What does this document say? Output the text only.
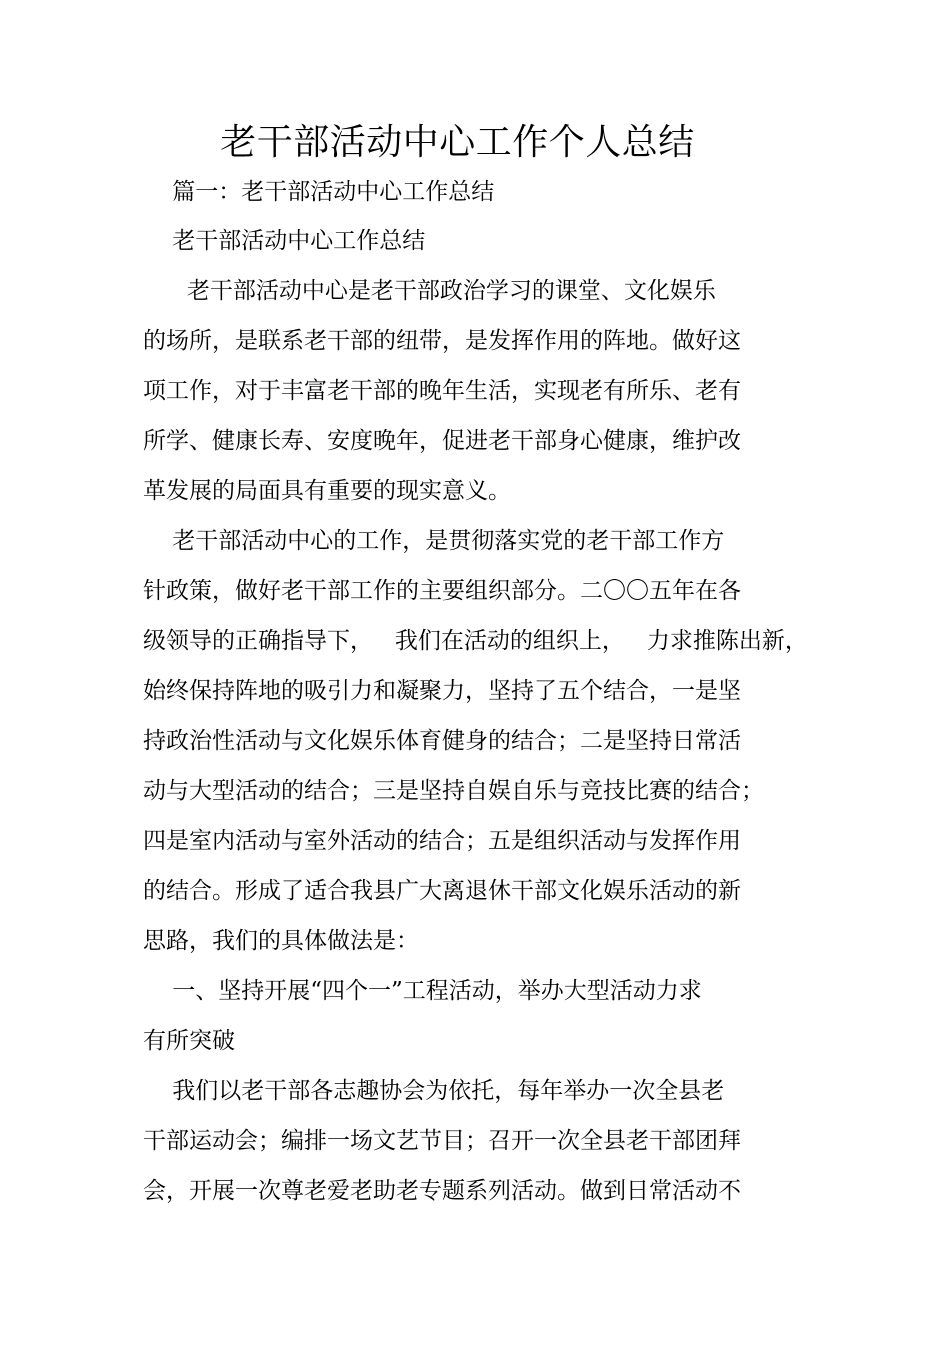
老干部活动中心工作个人总结
篇一：老干部活动中心工作总结
老干部活动中心工作总结
老干部活动中心是老干部政治学习的课堂、文化娱乐
的场所，是联系老干部的纽带，是发挥作用的阵地。做好这
项工作，对于丰富老干部的晚年生活，实现老有所乐、老有
所学、健康长寿、安度晚年，促进老干部身心健康，维护改
革发展的局面具有重要的现实意义。
老干部活动中心的工作，是贯彻落实党的老干部工作方
针政策，做好老干部工作的主要组织部分。二〇〇五年在各
级领导的正确指导下，   我们在活动的组织上，   力求推陈出新，
始终保持阵地的吸引力和凝聚力，坚持了五个结合，一是坚
持政治性活动与文化娱乐体育健身的结合；二是坚持日常活
动与大型活动的结合；三是坚持自娱自乐与竞技比赛的结合；
四是室内活动与室外活动的结合；五是组织活动与发挥作用
的结合。形成了适合我县广大离退休干部文化娱乐活动的新
思路，我们的具体做法是：
一、坚持开展“四个一”工程活动，举办大型活动力求
有所突破
我们以老干部各志趣协会为依托，每年举办一次全县老
干部运动会；编排一场文艺节目；召开一次全县老干部团拜
会，开展一次尊老爱老助老专题系列活动。做到日常活动不
